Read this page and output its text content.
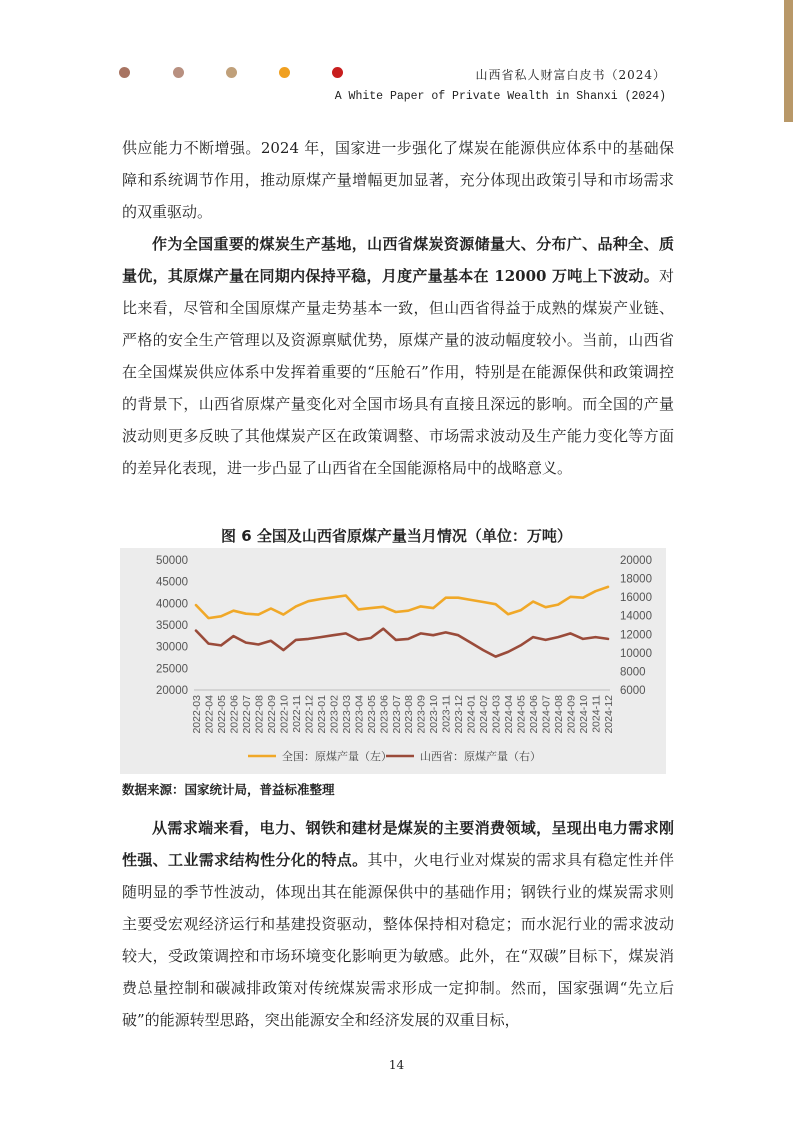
山西省私人财富白皮书（2024）
A White Paper of Private Wealth in Shanxi (2024)

供应能力不断增强。2024 年，国家进一步强化了煤炭在能源供应体系中的基础保障和系统调节作用，推动原煤产量增幅更加显著，充分体现出政策引导和市场需求的双重驱动。

作为全国重要的煤炭生产基地，山西省煤炭资源储量大、分布广、品种全、质量优，其原煤产量在同期内保持平稳，月度产量基本在 12000 万吨上下波动。对比来看，尽管和全国原煤产量走势基本一致，但山西省得益于成熟的煤炭产业链、严格的安全生产管理以及资源禀赋优势，原煤产量的波动幅度较小。当前，山西省在全国煤炭供应体系中发挥着重要的“压舱石”作用，特别是在能源保供和政策调控的背景下，山西省原煤产量变化对全国市场具有直接且深远的影响。而全国的产量波动则更多反映了其他煤炭产区在政策调整、市场需求波动及生产能力变化等方面的差异化表现，进一步凸显了山西省在全国能源格局中的战略意义。

图 6 全国及山西省原煤产量当月情况（单位：万吨）
20000
25000
30000
35000
40000
45000
50000
6000
8000
10000
12000
14000
16000
18000
20000
2022-03 2022-04 2022-05 2022-06 2022-07 2022-08 2022-09 2022-10 2022-11 2022-12 2023-01 2023-02 2023-03 2023-04 2023-05 2023-06 2023-07 2023-08 2023-09 2023-10 2023-11 2023-12 2024-01 2024-02 2024-03 2024-04 2024-05 2024-06 2024-07 2024-08 2024-09 2024-10 2024-11 2024-12
全国：原煤产量（左）	山西省：原煤产量（右）
数据来源：国家统计局，普益标准整理

从需求端来看，电力、钢铁和建材是煤炭的主要消费领域，呈现出电力需求刚性强、工业需求结构性分化的特点。其中，火电行业对煤炭的需求具有稳定性并伴随明显的季节性波动，体现出其在能源保供中的基础作用；钢铁行业的煤炭需求则主要受宏观经济运行和基建投资驱动，整体保持相对稳定；而水泥行业的需求波动较大，受政策调控和市场环境变化影响更为敏感。此外，在“双碳”目标下，煤炭消费总量控制和碳减排政策对传统煤炭需求形成一定抑制。然而，国家强调“先立后破”的能源转型思路，突出能源安全和经济发展的双重目标，

14
